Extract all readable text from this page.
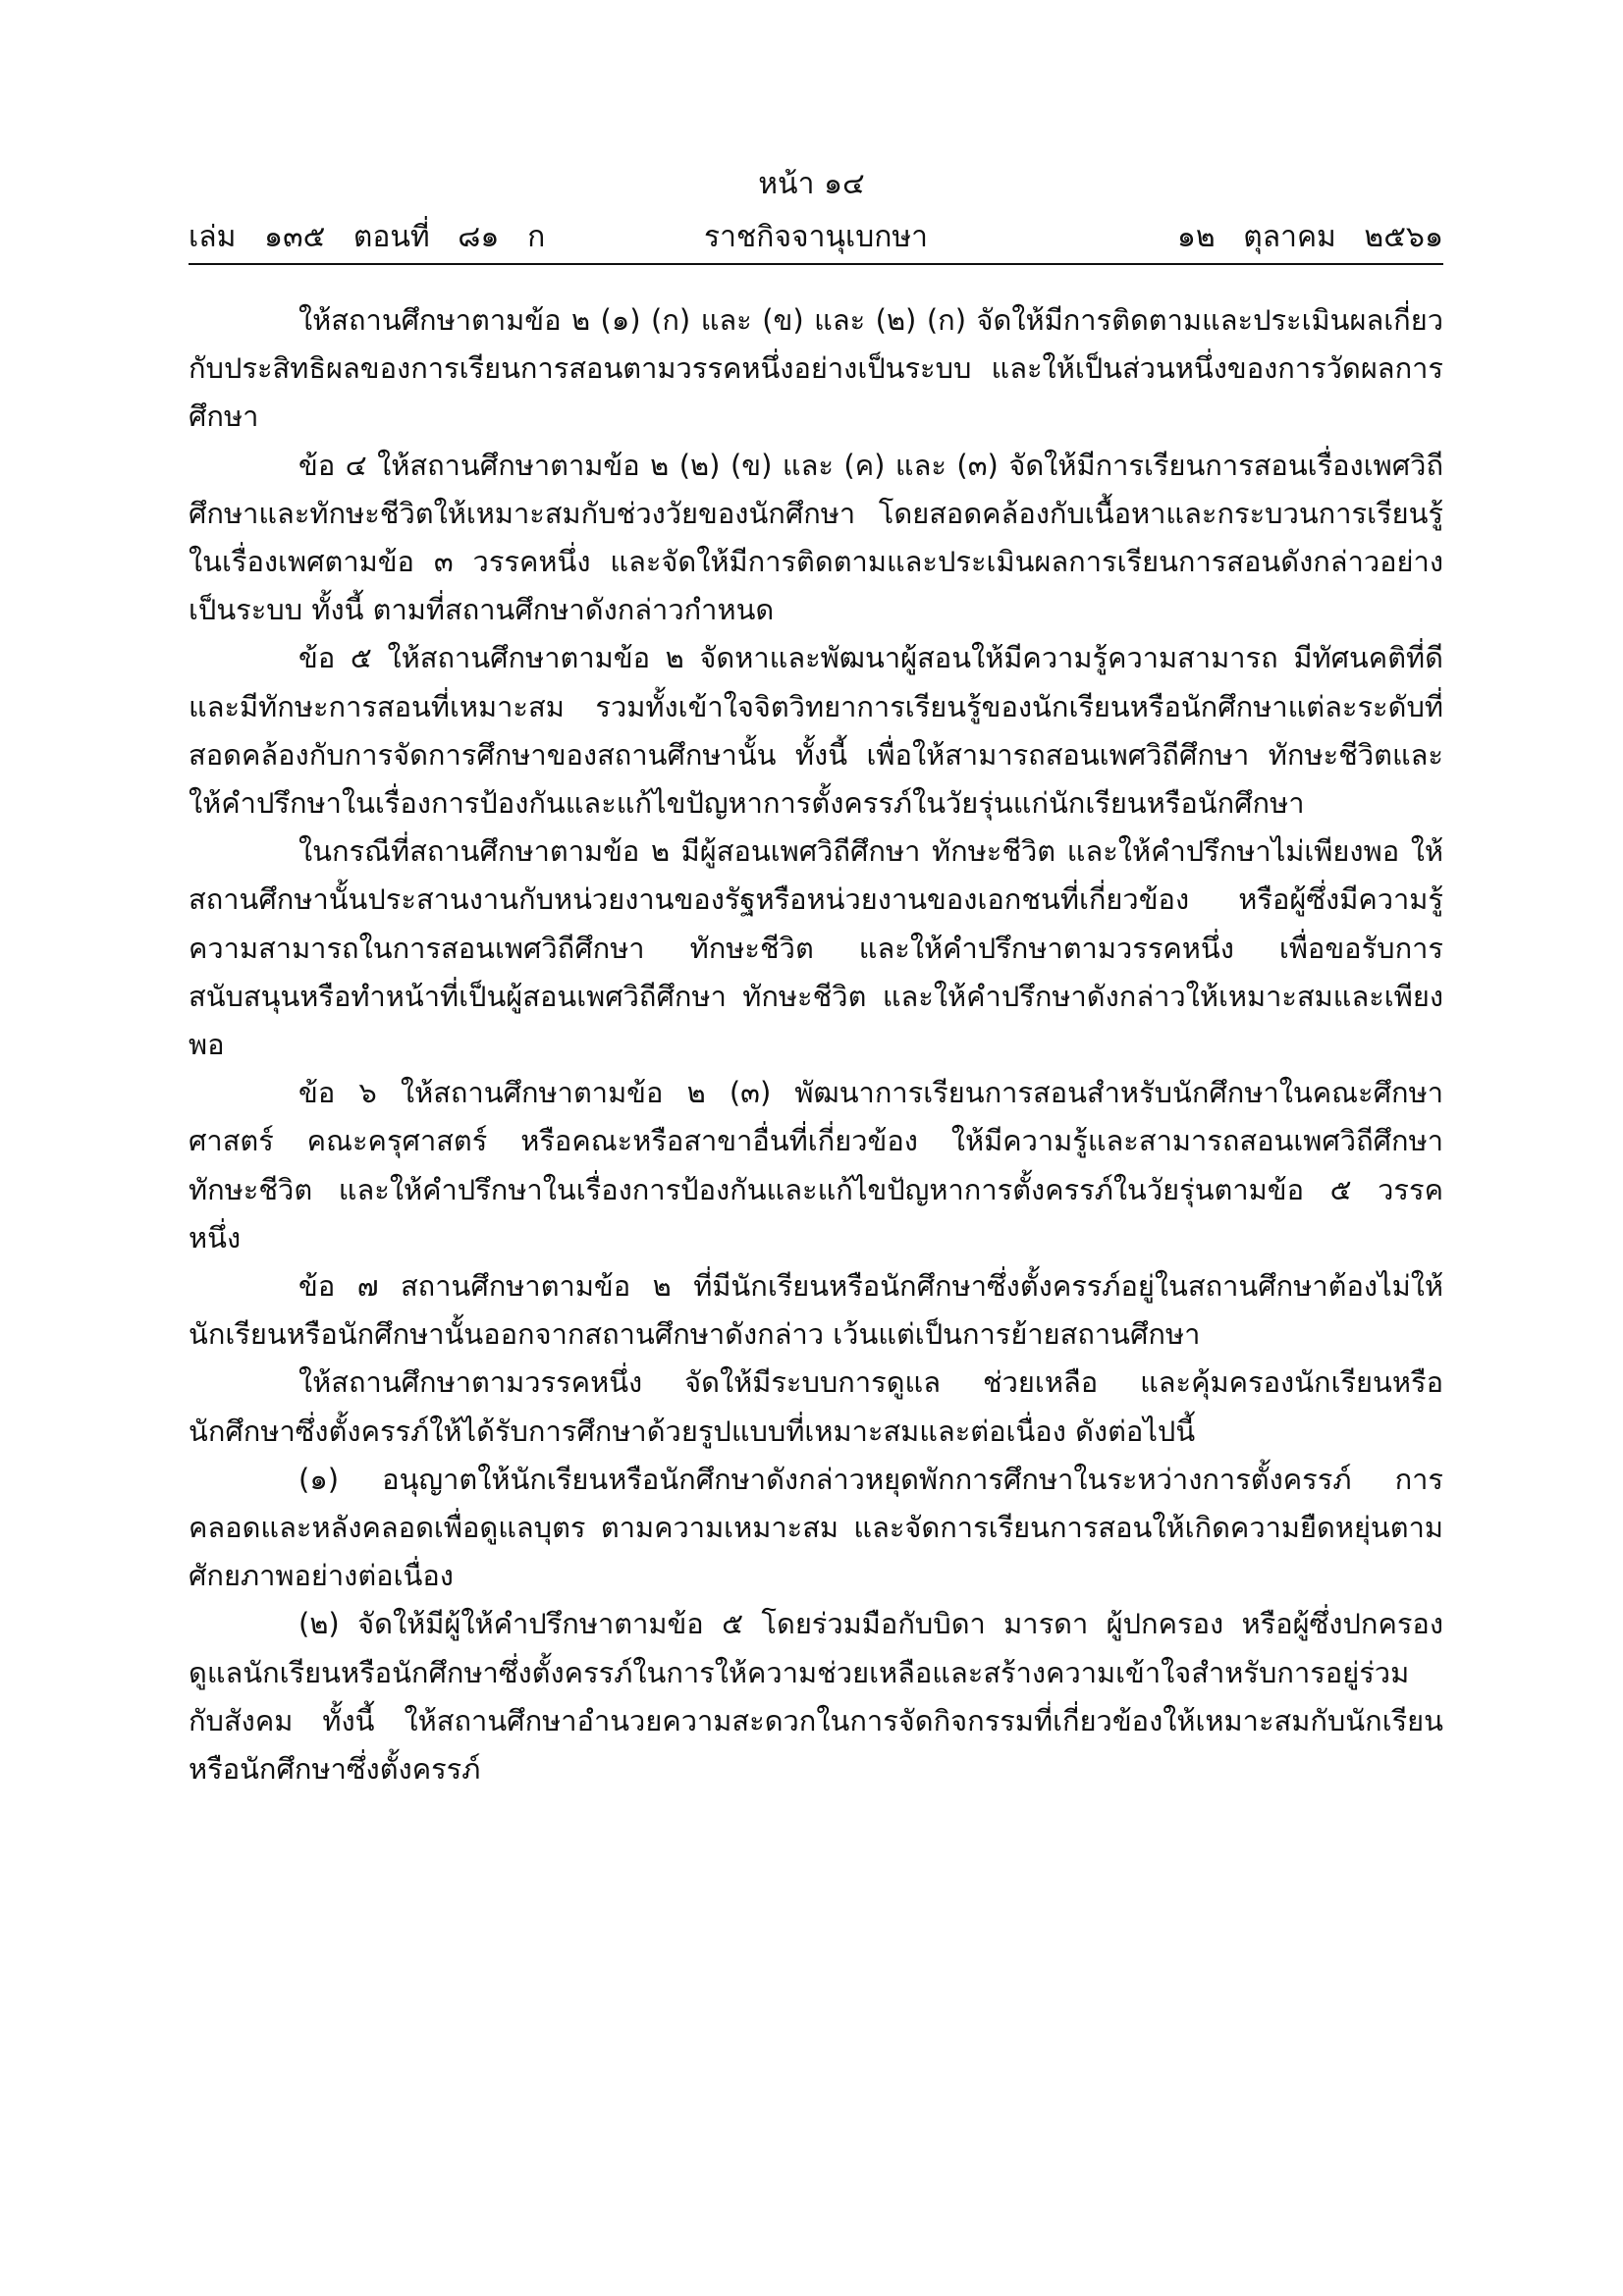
หน้า ๑๔
ราชกิจจานุเบกษา
เล่ม   ๑๓๕   ตอนที่   ๘๑   ก	๑๒   ตุลาคม   ๒๕๖๑

ให้สถานศึกษาตามข้อ ๒ (๑) (ก) และ (ข) และ (๒) (ก) จัดให้มีการติดตามและประเมินผลเกี่ยวกับประสิทธิผลของการเรียนการสอนตามวรรคหนึ่งอย่างเป็นระบบ และให้เป็นส่วนหนึ่งของการวัดผลการศึกษา

ข้อ ๔ ให้สถานศึกษาตามข้อ ๒ (๒) (ข) และ (ค) และ (๓) จัดให้มีการเรียนการสอนเรื่องเพศวิถีศึกษาและทักษะชีวิตให้เหมาะสมกับช่วงวัยของนักศึกษา โดยสอดคล้องกับเนื้อหาและกระบวนการเรียนรู้ในเรื่องเพศตามข้อ ๓ วรรคหนึ่ง และจัดให้มีการติดตามและประเมินผลการเรียนการสอนดังกล่าวอย่างเป็นระบบ ทั้งนี้ ตามที่สถานศึกษาดังกล่าวกำหนด

ข้อ ๕ ให้สถานศึกษาตามข้อ ๒ จัดหาและพัฒนาผู้สอนให้มีความรู้ความสามารถ มีทัศนคติที่ดีและมีทักษะการสอนที่เหมาะสม รวมทั้งเข้าใจจิตวิทยาการเรียนรู้ของนักเรียนหรือนักศึกษาแต่ละระดับที่สอดคล้องกับการจัดการศึกษาของสถานศึกษานั้น ทั้งนี้ เพื่อให้สามารถสอนเพศวิถีศึกษา ทักษะชีวิตและให้คำปรึกษาในเรื่องการป้องกันและแก้ไขปัญหาการตั้งครรภ์ในวัยรุ่นแก่นักเรียนหรือนักศึกษา

ในกรณีที่สถานศึกษาตามข้อ ๒ มีผู้สอนเพศวิถีศึกษา ทักษะชีวิต และให้คำปรึกษาไม่เพียงพอ ให้สถานศึกษานั้นประสานงานกับหน่วยงานของรัฐหรือหน่วยงานของเอกชนที่เกี่ยวข้อง หรือผู้ซึ่งมีความรู้ความสามารถในการสอนเพศวิถีศึกษา ทักษะชีวิต และให้คำปรึกษาตามวรรคหนึ่ง เพื่อขอรับการสนับสนุนหรือทำหน้าที่เป็นผู้สอนเพศวิถีศึกษา ทักษะชีวิต และให้คำปรึกษาดังกล่าวให้เหมาะสมและเพียงพอ

ข้อ ๖ ให้สถานศึกษาตามข้อ ๒ (๓) พัฒนาการเรียนการสอนสำหรับนักศึกษาในคณะศึกษาศาสตร์ คณะครุศาสตร์ หรือคณะหรือสาขาอื่นที่เกี่ยวข้อง ให้มีความรู้และสามารถสอนเพศวิถีศึกษา ทักษะชีวิต และให้คำปรึกษาในเรื่องการป้องกันและแก้ไขปัญหาการตั้งครรภ์ในวัยรุ่นตามข้อ ๕ วรรคหนึ่ง

ข้อ ๗ สถานศึกษาตามข้อ ๒ ที่มีนักเรียนหรือนักศึกษาซึ่งตั้งครรภ์อยู่ในสถานศึกษาต้องไม่ให้นักเรียนหรือนักศึกษานั้นออกจากสถานศึกษาดังกล่าว เว้นแต่เป็นการย้ายสถานศึกษา

ให้สถานศึกษาตามวรรคหนึ่ง จัดให้มีระบบการดูแล ช่วยเหลือ และคุ้มครองนักเรียนหรือนักศึกษาซึ่งตั้งครรภ์ให้ได้รับการศึกษาด้วยรูปแบบที่เหมาะสมและต่อเนื่อง ดังต่อไปนี้

(๑) อนุญาตให้นักเรียนหรือนักศึกษาดังกล่าวหยุดพักการศึกษาในระหว่างการตั้งครรภ์ การคลอดและหลังคลอดเพื่อดูแลบุตร ตามความเหมาะสม และจัดการเรียนการสอนให้เกิดความยืดหยุ่นตามศักยภาพอย่างต่อเนื่อง

(๒) จัดให้มีผู้ให้คำปรึกษาตามข้อ ๕ โดยร่วมมือกับบิดา มารดา ผู้ปกครอง หรือผู้ซึ่งปกครองดูแลนักเรียนหรือนักศึกษาซึ่งตั้งครรภ์ในการให้ความช่วยเหลือและสร้างความเข้าใจสำหรับการอยู่ร่วมกับสังคม ทั้งนี้ ให้สถานศึกษาอำนวยความสะดวกในการจัดกิจกรรมที่เกี่ยวข้องให้เหมาะสมกับนักเรียนหรือนักศึกษาซึ่งตั้งครรภ์
